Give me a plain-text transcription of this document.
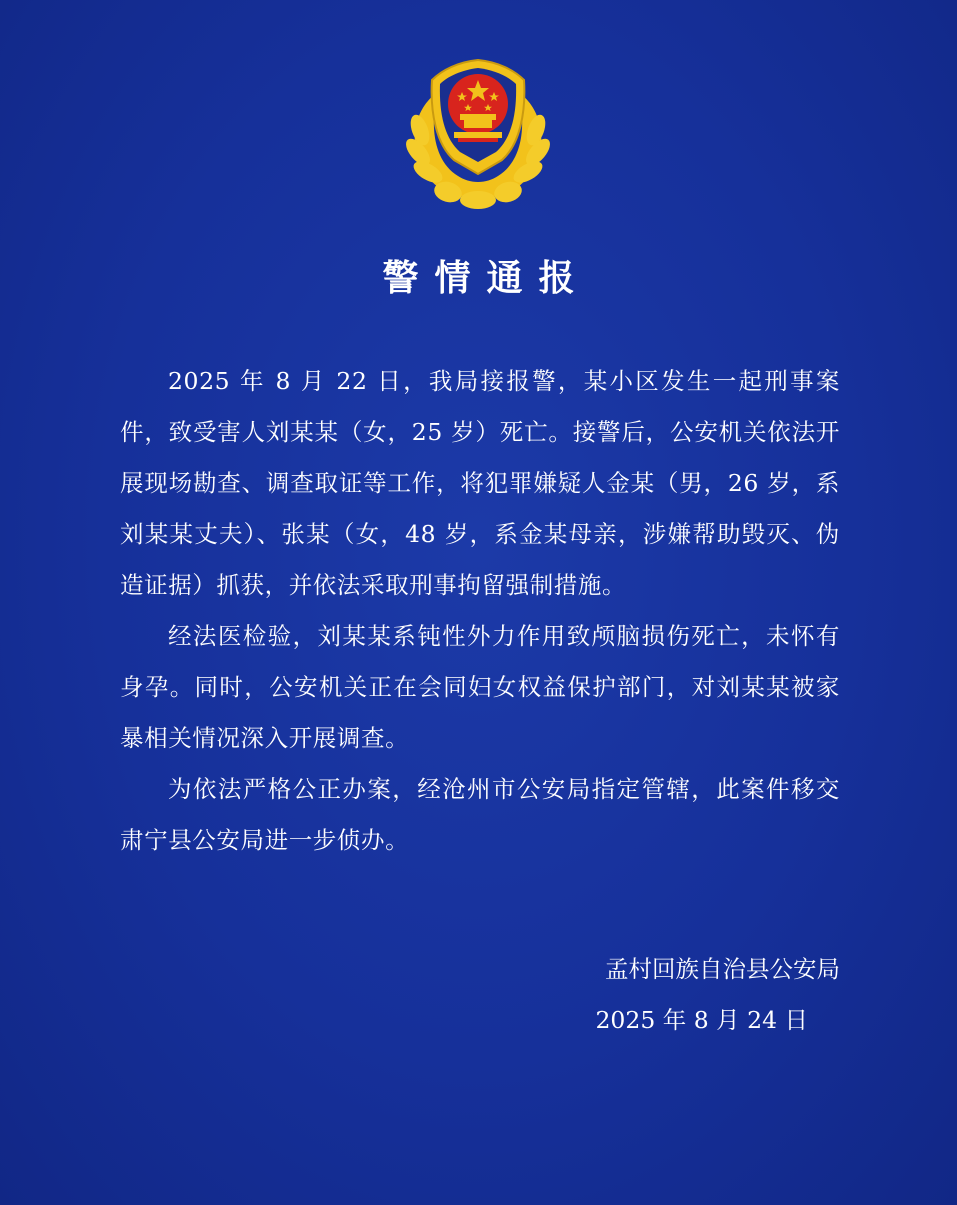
警情通报

2025 年 8 月 22 日，我局接报警，某小区发生一起刑事案件，致受害人刘某某（女，25 岁）死亡。接警后，公安机关依法开展现场勘查、调查取证等工作，将犯罪嫌疑人金某（男，26 岁，系刘某某丈夫）、张某（女，48 岁，系金某母亲，涉嫌帮助毁灭、伪造证据）抓获，并依法采取刑事拘留强制措施。

经法医检验，刘某某系钝性外力作用致颅脑损伤死亡，未怀有身孕。同时，公安机关正在会同妇女权益保护部门，对刘某某被家暴相关情况深入开展调查。

为依法严格公正办案，经沧州市公安局指定管辖，此案件移交肃宁县公安局进一步侦办。

孟村回族自治县公安局
2025 年 8 月 24 日
